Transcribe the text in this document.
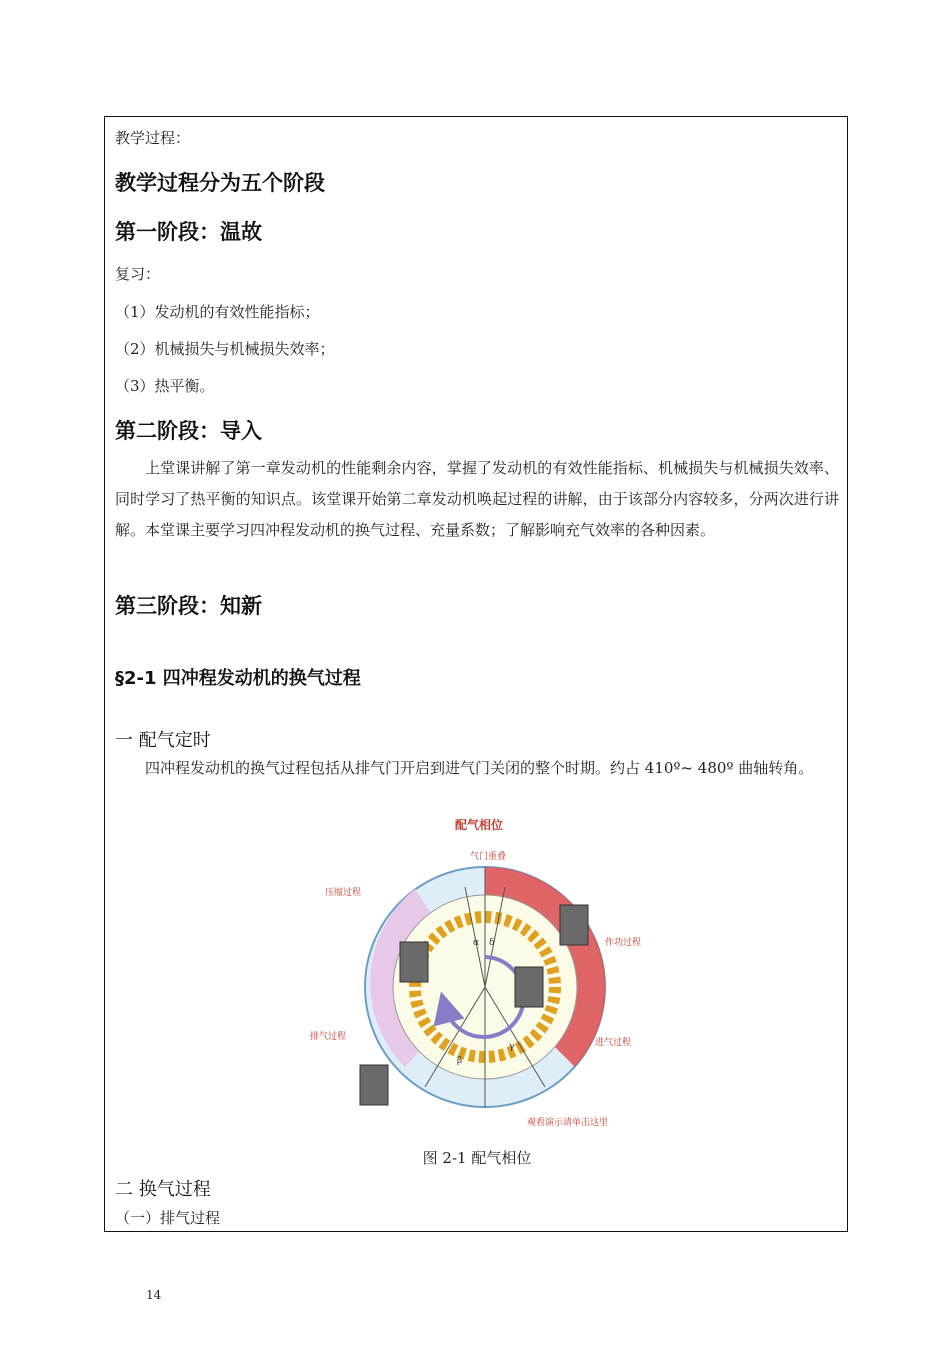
教学过程：
教学过程分为五个阶段
第一阶段：温故
复习：
（1）发动机的有效性能指标；
（2）机械损失与机械损失效率；
（3）热平衡。
第二阶段：导入
上堂课讲解了第一章发动机的性能剩余内容，掌握了发动机的有效性能指标、机械损失与机械损失效率、同时学习了热平衡的知识点。该堂课开始第二章发动机唤起过程的讲解，由于该部分内容较多，分两次进行讲解。本堂课主要学习四冲程发动机的换气过程、充量系数；了解影响充气效率的各种因素。
第三阶段：知新
§2-1 四冲程发动机的换气过程
一 配气定时
四冲程发动机的换气过程包括从排气门开启到进气门关闭的整个时期。约占 410º~ 480º 曲轴转角。
配气相位
气门重叠
压缩过程
作功过程
排气过程
进气过程
观看演示请单击这里
α δ
β
γ
图 2-1 配气相位
二 换气过程
（一）排气过程
14
